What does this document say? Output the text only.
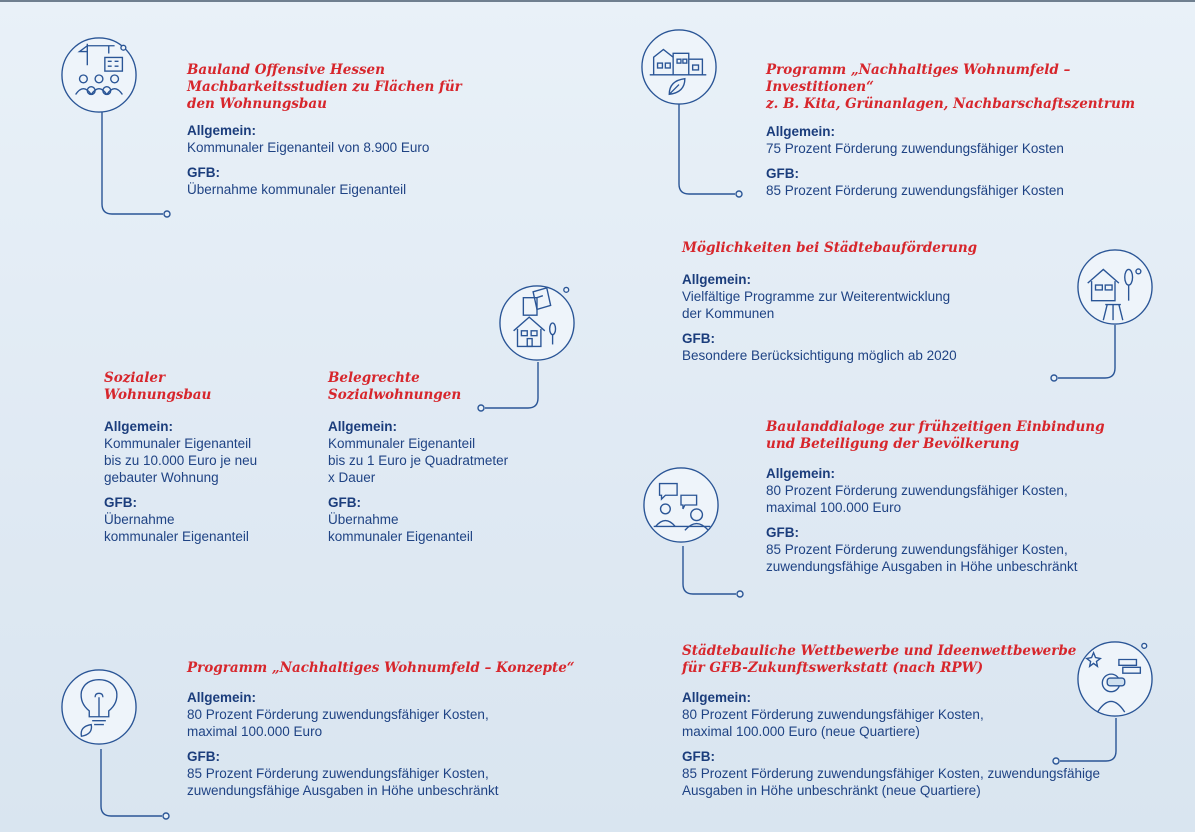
Bauland Offensive Hessen
Machbarkeitsstudien zu Flächen für
den Wohnungsbau

Allgemein:

Kommunaler Eigenanteil von 8.900 Euro

GFB:

Übernahme kommunaler Eigenanteil

Programm „Nachhaltiges Wohnumfeld – Investitionen“
z. B. Kita, Grünanlagen, Nachbarschaftszentrum

Allgemein:

75 Prozent Förderung zuwendungsfähiger Kosten

GFB:

85 Prozent Förderung zuwendungsfähiger Kosten

Möglichkeiten bei Städtebauförderung

Allgemein:

Vielfältige Programme zur Weiterentwicklung
der Kommunen

GFB:

Besondere Berücksichtigung möglich ab 2020

Sozialer
Wohnungsbau

Allgemein:

Kommunaler Eigenanteil
bis zu 10.000 Euro je neu
gebauter Wohnung

GFB:

Übernahme
kommunaler Eigenanteil

Belegrechte
Sozialwohnungen

Allgemein:

Kommunaler Eigenanteil
bis zu 1 Euro je Quadratmeter
x Dauer

GFB:

Übernahme
kommunaler Eigenanteil

Baulanddialoge zur frühzeitigen Einbindung
und Beteiligung der Bevölkerung

Allgemein:

80 Prozent Förderung zuwendungsfähiger Kosten,
maximal 100.000 Euro

GFB:

85 Prozent Förderung zuwendungsfähiger Kosten,
zuwendungsfähige Ausgaben in Höhe unbeschränkt

Programm „Nachhaltiges Wohnumfeld – Konzepte“

Allgemein:

80 Prozent Förderung zuwendungsfähiger Kosten,
maximal 100.000 Euro

GFB:

85 Prozent Förderung zuwendungsfähiger Kosten,
zuwendungsfähige Ausgaben in Höhe unbeschränkt

Städtebauliche Wettbewerbe und Ideenwettbewerbe
für GFB-Zukunftswerkstatt (nach RPW)

Allgemein:

80 Prozent Förderung zuwendungsfähiger Kosten,
maximal 100.000 Euro (neue Quartiere)

GFB:

85 Prozent Förderung zuwendungsfähiger Kosten, zuwendungsfähige
Ausgaben in Höhe unbeschränkt (neue Quartiere)
